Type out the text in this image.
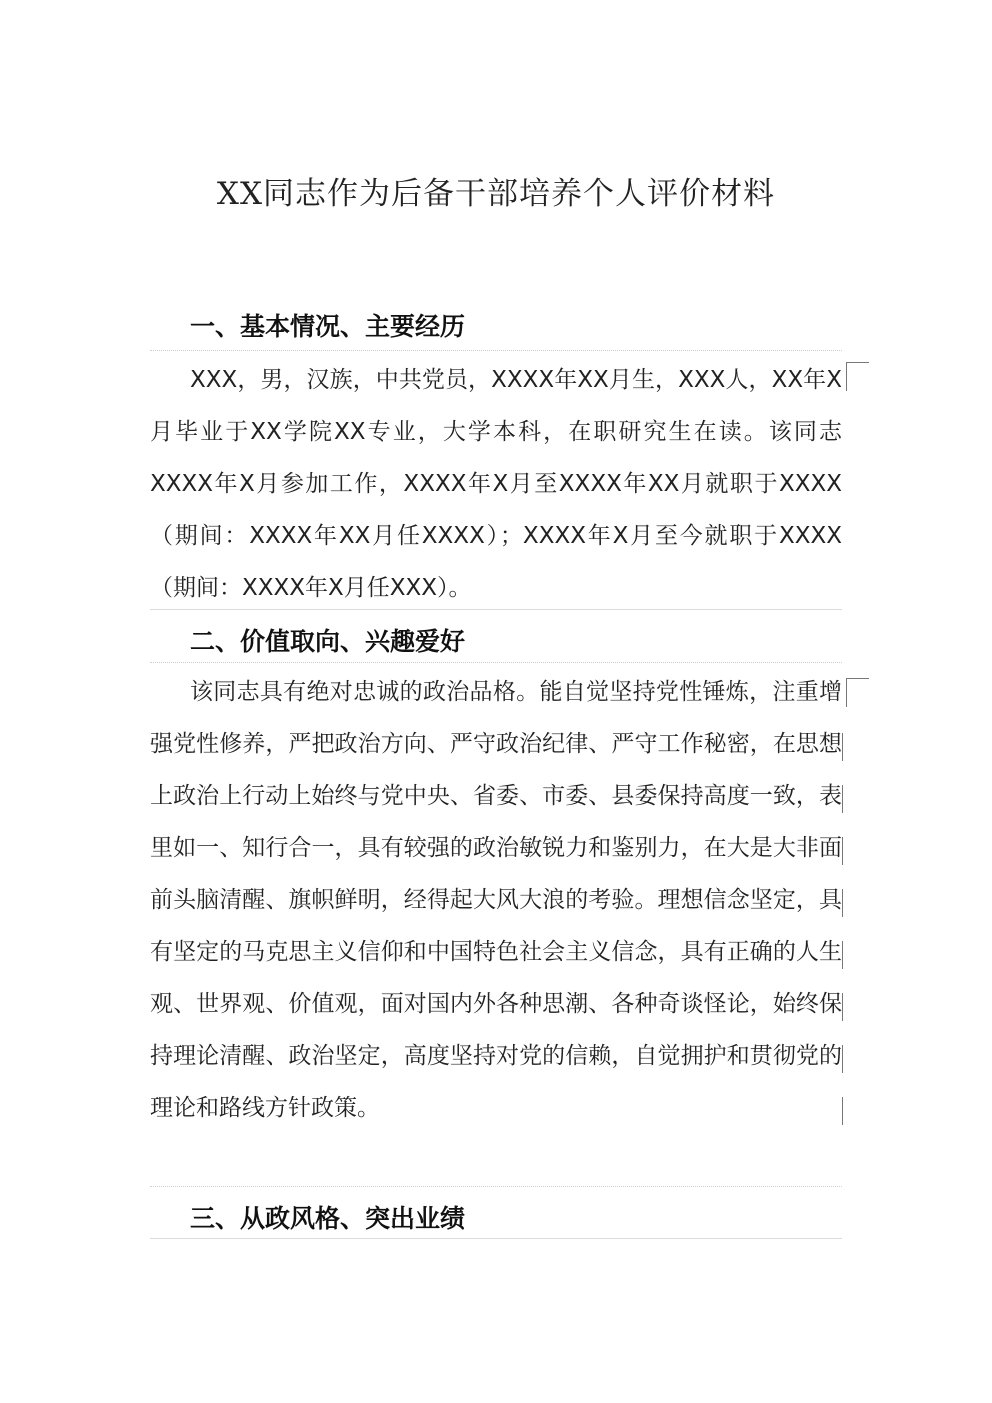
XX同志作为后备干部培养个人评价材料
一、基本情况、主要经历

XXX，男，汉族，中共党员，XXXX年XX月生，XXX人，XX年X月毕业于XX学院XX专业，大学本科，在职研究生在读。该同志XXXX年X月参加工作，XXXX年X月至XXXX年XX月就职于XXXX（期间：XXXX年XX月任XXXX）；XXXX年X月至今就职于XXXX（期间：XXXX年X月任XXX）。

二、价值取向、兴趣爱好

该同志具有绝对忠诚的政治品格。能自觉坚持党性锤炼，注重增强党性修养，严把政治方向、严守政治纪律、严守工作秘密，在思想上政治上行动上始终与党中央、省委、市委、县委保持高度一致，表里如一、知行合一，具有较强的政治敏锐力和鉴别力，在大是大非面前头脑清醒、旗帜鲜明，经得起大风大浪的考验。理想信念坚定，具有坚定的马克思主义信仰和中国特色社会主义信念，具有正确的人生观、世界观、价值观，面对国内外各种思潮、各种奇谈怪论，始终保持理论清醒、政治坚定，高度坚持对党的信赖，自觉拥护和贯彻党的理论和路线方针政策。

三、从政风格、突出业绩
